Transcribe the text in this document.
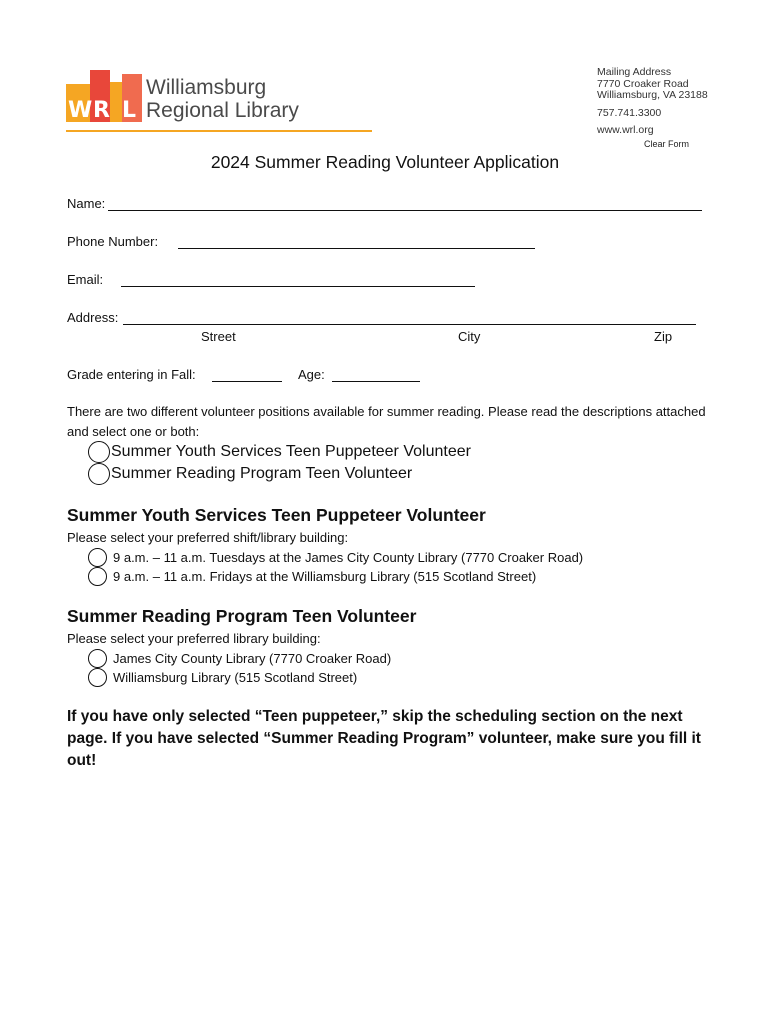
W R L
Williamsburg
Regional Library
Mailing Address
7770 Croaker Road
Williamsburg, VA 23188
757.741.3300
www.wrl.org
Clear Form
2024 Summer Reading Volunteer Application
Name:
Phone Number:
Email:
Address:
Street	City	Zip
Grade entering in Fall:	Age:
There are two different volunteer positions available for summer reading. Please read the descriptions attached and select one or both:
Summer Youth Services Teen Puppeteer Volunteer
Summer Reading Program Teen Volunteer
Summer Youth Services Teen Puppeteer Volunteer
Please select your preferred shift/library building:
9 a.m. – 11 a.m. Tuesdays at the James City County Library (7770 Croaker Road)
9 a.m. – 11 a.m. Fridays at the Williamsburg Library (515 Scotland Street)
Summer Reading Program Teen Volunteer
Please select your preferred library building:
James City County Library (7770 Croaker Road)
Williamsburg Library (515 Scotland Street)
If you have only selected “Teen puppeteer,” skip the scheduling section on the next page. If you have selected “Summer Reading Program” volunteer, make sure you fill it out!
